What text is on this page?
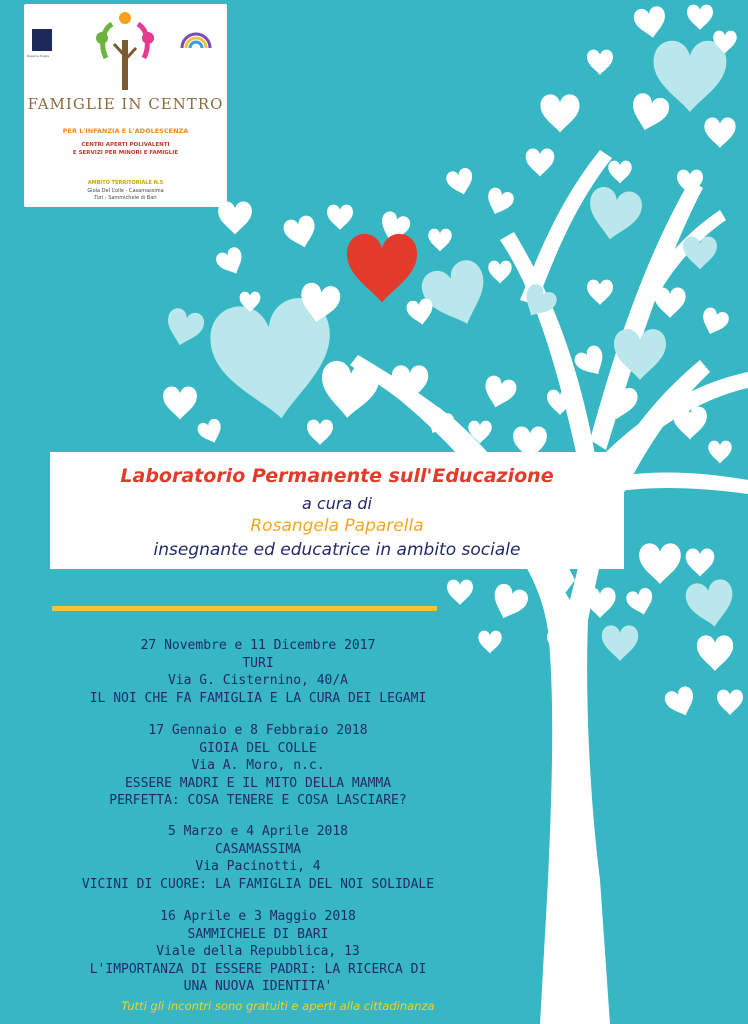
Regione Puglia
FAMIGLIE IN CENTRO
PER L'INFANZIA E L'ADOLESCENZA
CENTRI APERTI POLIVALENTI
E SERVIZI PER MINORI E FAMIGLIE
AMBITO TERRITORIALE N.5
Gioia Del Colle - Casamassima
Turi - Sammichele di Bari
Laboratorio Permanente sull'Educazione
a cura di
Rosangela Paparella
insegnante ed educatrice in ambito sociale
27 Novembre e 11 Dicembre 2017
TURI
Via G. Cisternino, 40/A
IL NOI CHE FA FAMIGLIA E LA CURA DEI LEGAMI
17 Gennaio e 8 Febbraio 2018
GIOIA DEL COLLE
Via A. Moro, n.c.
ESSERE MADRI E IL MITO DELLA MAMMA
PERFETTA: COSA TENERE E COSA LASCIARE?
5 Marzo e 4 Aprile 2018
CASAMASSIMA
Via Pacinotti, 4
VICINI DI CUORE: LA FAMIGLIA DEL NOI SOLIDALE
16 Aprile e 3 Maggio 2018
SAMMICHELE DI BARI
Viale della Repubblica, 13
L'IMPORTANZA DI ESSERE PADRI: LA RICERCA DI
UNA NUOVA IDENTITA'
Tutti gli incontri sono gratuiti e aperti alla cittadinanza
